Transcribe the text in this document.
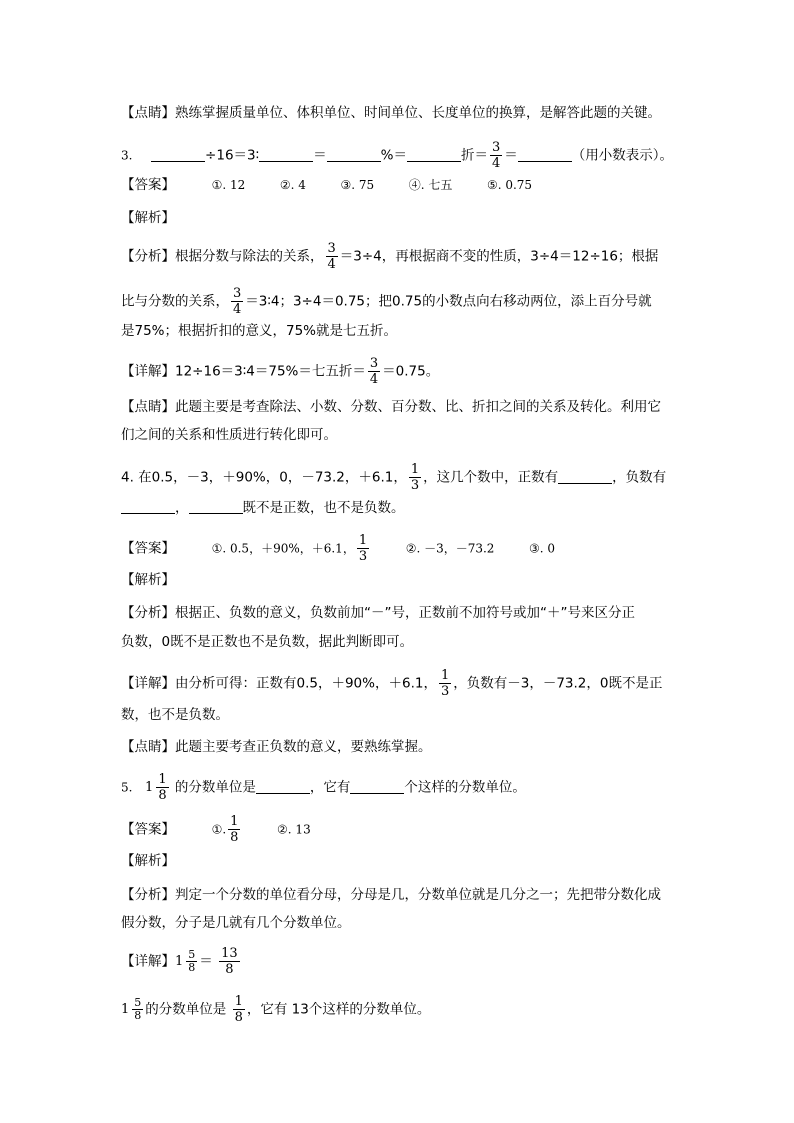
【点睛】熟练掌握质量单位、体积单位、时间单位、长度单位的换算，是解答此题的关键。
3.	÷16＝3∶	＝	%＝	折＝ $\frac{3}{4}$ ＝	（用小数表示）。
【答案】	①. 12	②. 4	③. 75	④. 七五	⑤. 0.75
【解析】
【分析】根据分数与除法的关系， $\frac{3}{4} =3\div 4$，再根据商不变的性质，3÷4＝12÷16；根据
比与分数的关系， $\frac{3}{4}$ ＝3∶4；3÷4＝0.75；把0.75的小数点向右移动两位，添上百分号就
是75%；根据折扣的意义，75%就是七五折。
【详解】12÷16＝3∶4＝75%＝七五折＝ $\frac{3}{4} =0.75$。
【点睛】此题主要是考查除法、小数、分数、百分数、比、折扣之间的关系及转化。利用它
们之间的关系和性质进行转化即可。
4. 在0.5，－3，＋90%，0，－73.2，＋6.1， $\frac{1}{3}$ ，这几个数中，正数有	，负数有
，	既不是正数，也不是负数。
【答案】	①. 0.5，＋90%，＋6.1， $\frac{1}{3}$	②. －3，－73.2	③. 0
【解析】
【分析】根据正、负数的意义，负数前加“－”号，正数前不加符号或加“＋”号来区分正
负数，0既不是正数也不是负数，据此判断即可。
【详解】由分析可得：正数有0.5，＋90%，＋6.1， $\frac{1}{3}$ ，负数有－3，－73.2，0既不是正
数，也不是负数。
【点睛】此题主要考查正负数的意义，要熟练掌握。
5. $1 \frac{1}{8}$ 的分数单位是	，它有	个这样的分数单位。
【答案】	①. $\frac{1}{8}$	②. 13
【解析】
【分析】判定一个分数的单位看分母，分母是几，分数单位就是几分之一；先把带分数化成
假分数，分子是几就有几个分数单位。
【详解】 $1 \frac{5}{8} = \frac{13}{8}$
$1 \frac{5}{8}$ 的分数单位是 $\frac{1}{8}$ ，它有 13个这样的分数单位。
